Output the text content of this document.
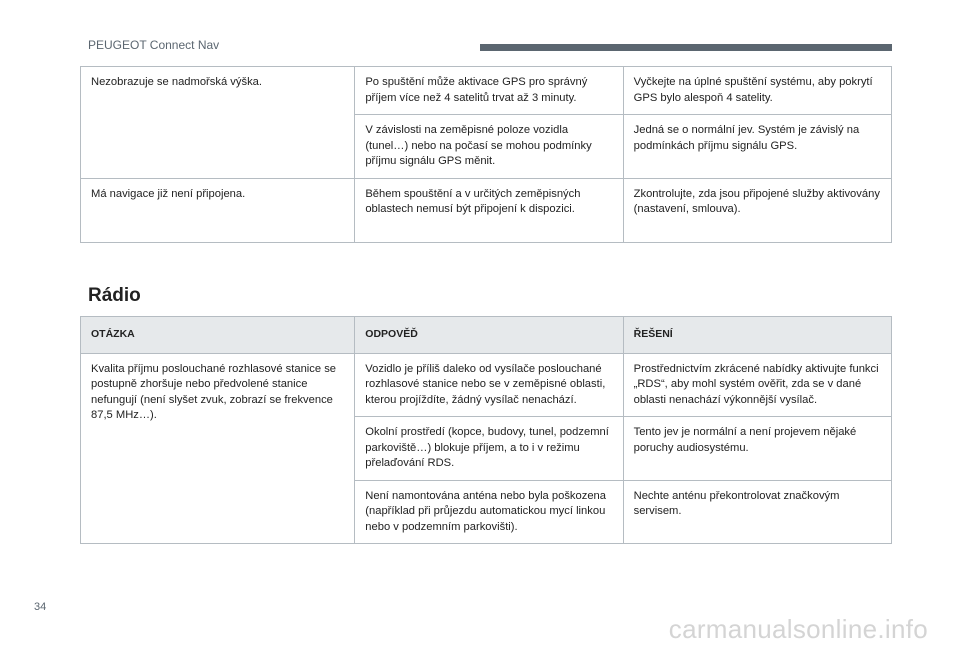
PEUGEOT Connect Nav
Nezobrazuje se nadmořská výška.	Po spuštění může aktivace GPS pro správný příjem více než 4 satelitů trvat až 3 minuty.	Vyčkejte na úplné spuštění systému, aby pokrytí GPS bylo alespoň 4 satelity.
	V závislosti na zeměpisné poloze vozidla (tunel…) nebo na počasí se mohou podmínky příjmu signálu GPS měnit.	Jedná se o normální jev. Systém je závislý na podmínkách příjmu signálu GPS.
Má navigace již není připojena.	Během spouštění a v určitých zeměpisných oblastech nemusí být připojení k dispozici.	Zkontrolujte, zda jsou připojené služby aktivovány (nastavení, smlouva).
Rádio
OTÁZKA	ODPOVĚĎ	ŘEŠENÍ
Kvalita příjmu poslouchané rozhlasové stanice se postupně zhoršuje nebo předvolené stanice nefungují (není slyšet zvuk, zobrazí se frekvence 87,5 MHz…).	Vozidlo je příliš daleko od vysílače poslouchané rozhlasové stanice nebo se v zeměpisné oblasti, kterou projíždíte, žádný vysílač nenachází.	Prostřednictvím zkrácené nabídky aktivujte funkci „RDS“, aby mohl systém ověřit, zda se v dané oblasti nenachází výkonnější vysílač.
	Okolní prostředí (kopce, budovy, tunel, podzemní parkoviště…) blokuje příjem, a to i v režimu přelaďování RDS.	Tento jev je normální a není projevem nějaké poruchy audiosystému.
	Není namontována anténa nebo byla poškozena (například při průjezdu automatickou mycí linkou nebo v podzemním parkovišti).	Nechte anténu překontrolovat značkovým servisem.
34
carmanualsonline.info
